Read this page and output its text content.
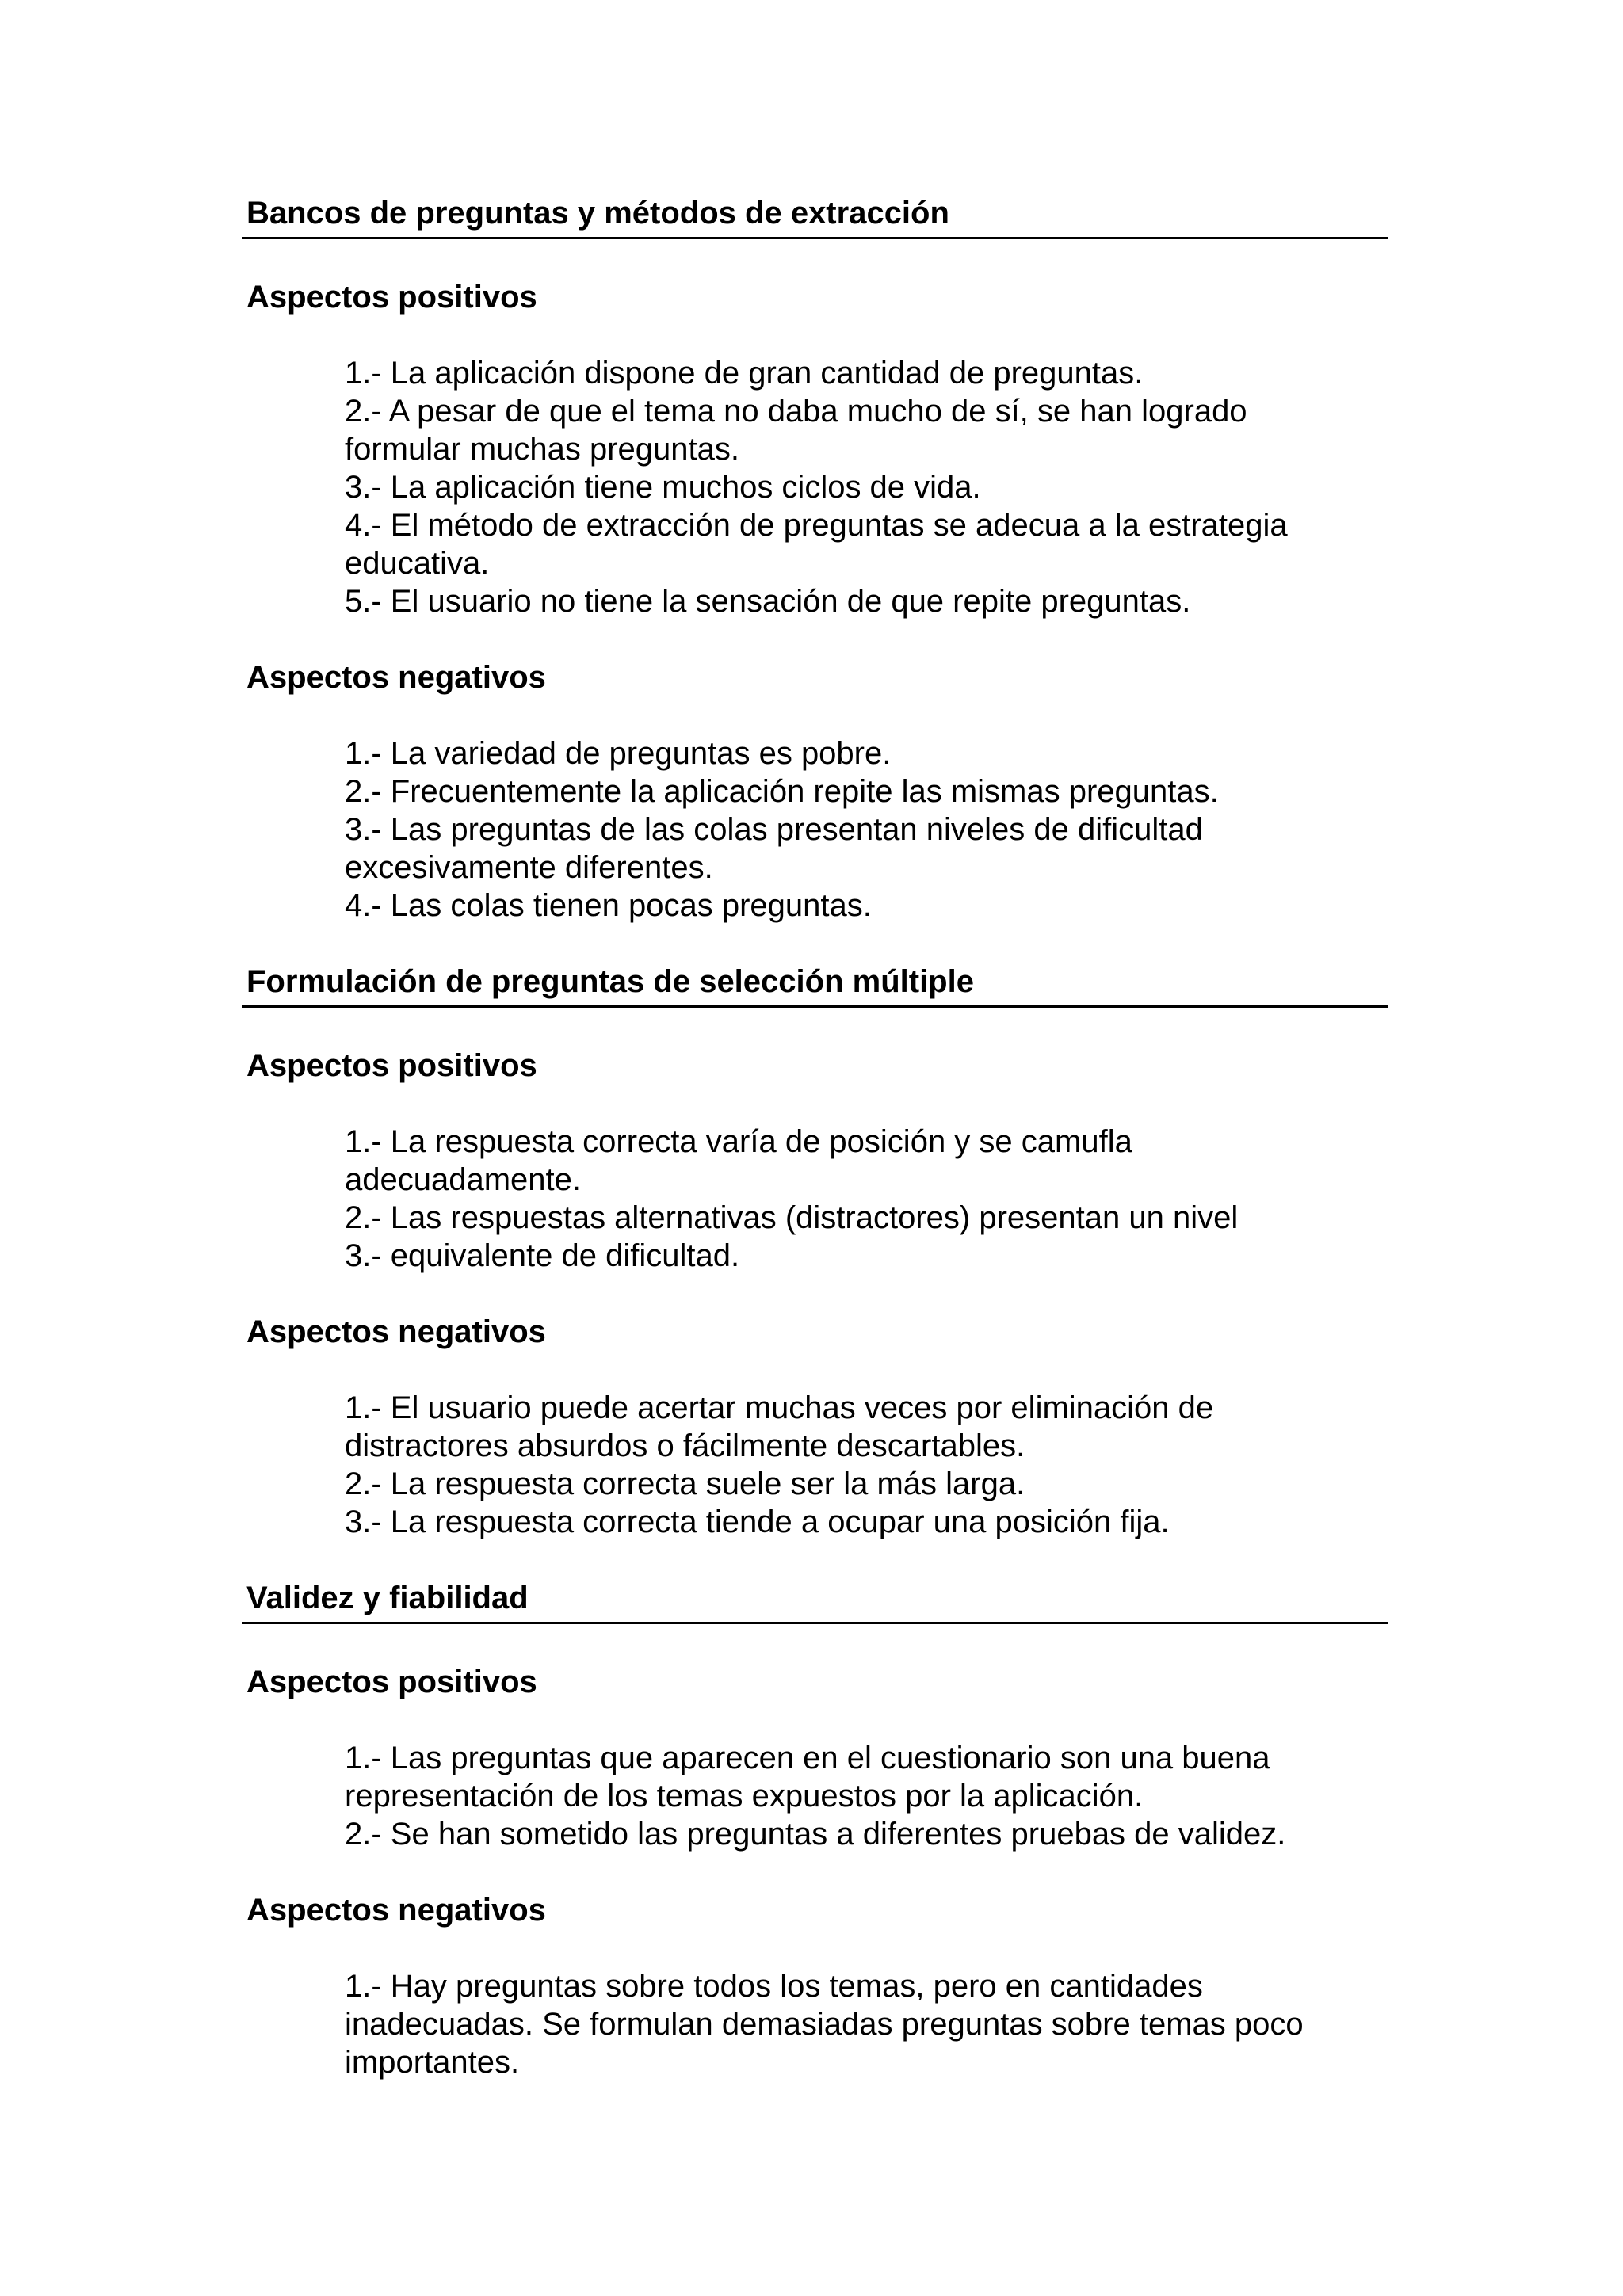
Bancos de preguntas y métodos de extracción
Aspectos positivos
1.- La aplicación dispone de gran cantidad de preguntas.
2.- A pesar de que el tema no daba mucho de sí, se han logrado formular muchas preguntas.
3.- La aplicación tiene muchos ciclos de vida.
4.- El método de extracción de preguntas se adecua a la estrategia educativa.
5.- El usuario no tiene la sensación de que repite preguntas.
Aspectos negativos
1.- La variedad de preguntas es pobre.
2.- Frecuentemente la aplicación repite las mismas preguntas.
3.- Las preguntas de las colas presentan niveles de dificultad excesivamente diferentes.
4.- Las colas tienen pocas preguntas.
Formulación de preguntas de selección múltiple
Aspectos positivos
1.- La respuesta correcta varía de posición y se camufla adecuadamente.
2.- Las respuestas alternativas (distractores) presentan un nivel
3.- equivalente de dificultad.
Aspectos negativos
1.- El usuario puede acertar muchas veces por eliminación de distractores absurdos o fácilmente descartables.
2.- La respuesta correcta suele ser la más larga.
3.- La respuesta correcta tiende a ocupar una posición fija.
Validez y fiabilidad
Aspectos positivos
1.- Las preguntas que aparecen en el cuestionario son una buena representación de los temas expuestos por la aplicación.
2.- Se han sometido las preguntas a diferentes pruebas de validez.
Aspectos negativos
1.- Hay preguntas sobre todos los temas, pero en cantidades inadecuadas. Se formulan demasiadas preguntas sobre temas poco importantes.
